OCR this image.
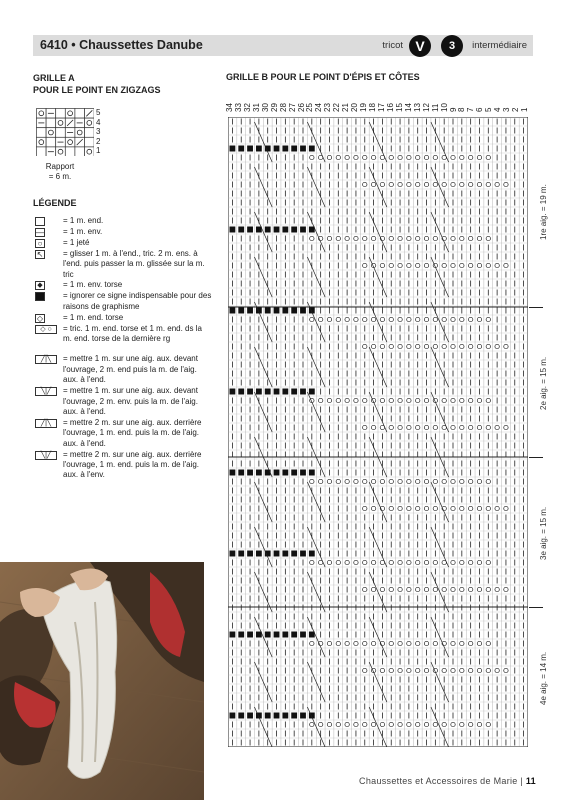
6410 • Chaussettes Danube	tricot V	3	intermédiaire
GRILLE A
POUR LE POINT EN ZIGZAGS
5
4
3
2
1
Rapport
= 6 m.
LÉGENDE
= 1 m. end.
— = 1 m. env.
○	= 1 jeté
↖ = glisser 1 m. à l'end., tric. 2 m. ens. à l'end. puis passer la m. glissée sur la m. tric
◆	= 1 m. env. torse
= ignorer ce signe indispensable pour des raisons de graphisme
◇ = 1 m. end. torse
◇ ○	= tric. 1 m. end. torse et 1 m. end. ds la m. end. torse de la dernière rg
╱|╲	= mettre 1 m. sur une aig. aux. devant l'ouvrage, 2 m. end puis la m. de l'aig. aux. à l'end.
╲|╱	= mettre 1 m. sur une aig. aux. devant l'ouvrage, 2 m. env. puis la m. de l'aig. aux. à l'end.
╱|╲	= mettre 2 m. sur une aig. aux. derrière l'ouvrage, 1 m. end. puis la m. de l'aig. aux. à l'end.
╲|╱	= mettre 2 m. sur une aig. aux. derrière l'ouvrage, 1 m. end. puis la m. de l'aig. aux. à l'env.
GRILLE B POUR LE POINT D'ÉPIS ET CÔTES
34 33 32 31 30 29 28 27 26 25 24 23 22 21 20 19 18 17 16 15 14 13 12 11 10 9 8 7 6 5 4 3 2 1
1re aig. = 19 m.
2e aig. = 15 m.
3e aig. = 15 m.
4e aig. = 14 m.
Chaussettes et Accessoires de Marie | 11
